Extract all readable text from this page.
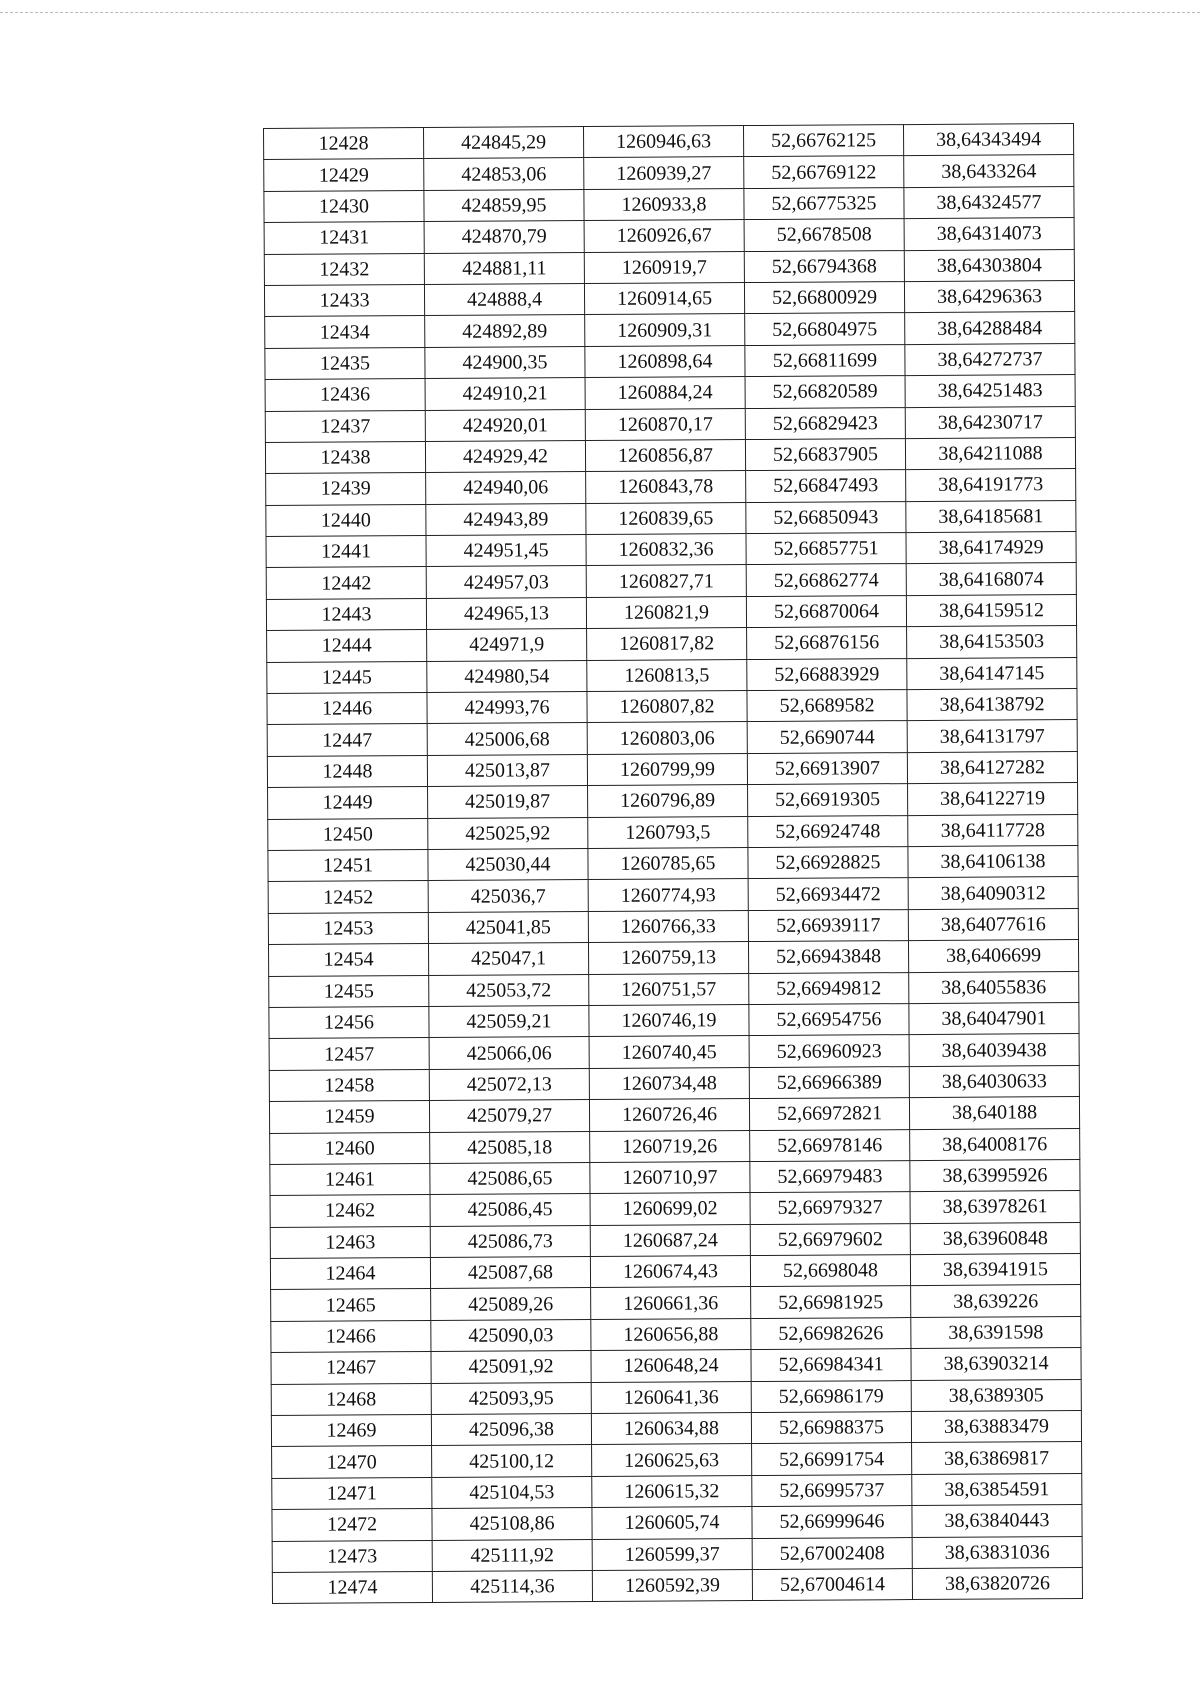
12428	424845,29	1260946,63	52,66762125	38,64343494
12429	424853,06	1260939,27	52,66769122	38,6433264
12430	424859,95	1260933,8	52,66775325	38,64324577
12431	424870,79	1260926,67	52,6678508	38,64314073
12432	424881,11	1260919,7	52,66794368	38,64303804
12433	424888,4	1260914,65	52,66800929	38,64296363
12434	424892,89	1260909,31	52,66804975	38,64288484
12435	424900,35	1260898,64	52,66811699	38,64272737
12436	424910,21	1260884,24	52,66820589	38,64251483
12437	424920,01	1260870,17	52,66829423	38,64230717
12438	424929,42	1260856,87	52,66837905	38,64211088
12439	424940,06	1260843,78	52,66847493	38,64191773
12440	424943,89	1260839,65	52,66850943	38,64185681
12441	424951,45	1260832,36	52,66857751	38,64174929
12442	424957,03	1260827,71	52,66862774	38,64168074
12443	424965,13	1260821,9	52,66870064	38,64159512
12444	424971,9	1260817,82	52,66876156	38,64153503
12445	424980,54	1260813,5	52,66883929	38,64147145
12446	424993,76	1260807,82	52,6689582	38,64138792
12447	425006,68	1260803,06	52,6690744	38,64131797
12448	425013,87	1260799,99	52,66913907	38,64127282
12449	425019,87	1260796,89	52,66919305	38,64122719
12450	425025,92	1260793,5	52,66924748	38,64117728
12451	425030,44	1260785,65	52,66928825	38,64106138
12452	425036,7	1260774,93	52,66934472	38,64090312
12453	425041,85	1260766,33	52,66939117	38,64077616
12454	425047,1	1260759,13	52,66943848	38,6406699
12455	425053,72	1260751,57	52,66949812	38,64055836
12456	425059,21	1260746,19	52,66954756	38,64047901
12457	425066,06	1260740,45	52,66960923	38,64039438
12458	425072,13	1260734,48	52,66966389	38,64030633
12459	425079,27	1260726,46	52,66972821	38,640188
12460	425085,18	1260719,26	52,66978146	38,64008176
12461	425086,65	1260710,97	52,66979483	38,63995926
12462	425086,45	1260699,02	52,66979327	38,63978261
12463	425086,73	1260687,24	52,66979602	38,63960848
12464	425087,68	1260674,43	52,6698048	38,63941915
12465	425089,26	1260661,36	52,66981925	38,639226
12466	425090,03	1260656,88	52,66982626	38,6391598
12467	425091,92	1260648,24	52,66984341	38,63903214
12468	425093,95	1260641,36	52,66986179	38,6389305
12469	425096,38	1260634,88	52,66988375	38,63883479
12470	425100,12	1260625,63	52,66991754	38,63869817
12471	425104,53	1260615,32	52,66995737	38,63854591
12472	425108,86	1260605,74	52,66999646	38,63840443
12473	425111,92	1260599,37	52,67002408	38,63831036
12474	425114,36	1260592,39	52,67004614	38,63820726
